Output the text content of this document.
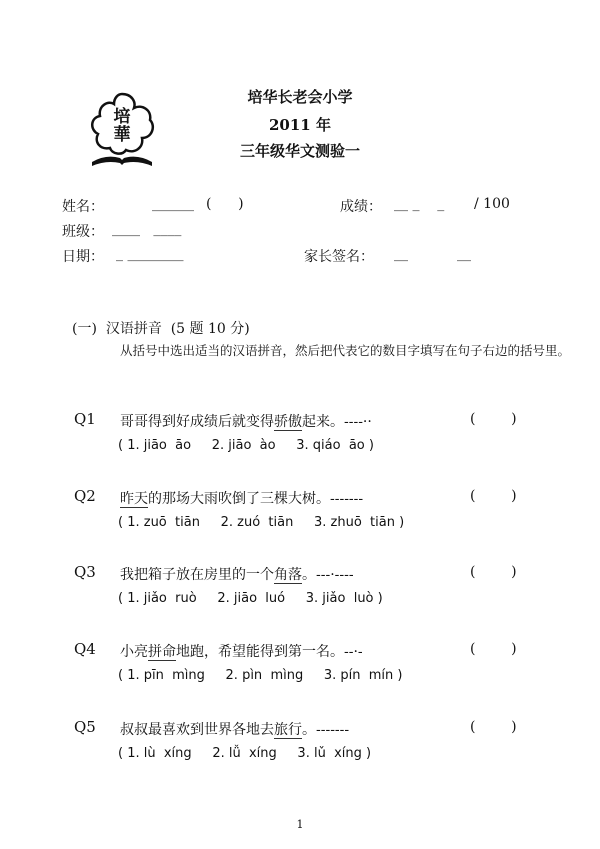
培
華
培华长老会小学
2011 年
三年级华文测验一
姓名：	______ (      )	成绩： __ _    _ / 100
班级： ____   ____
日期： _ ________	家长签名： __           __
(一)  汉语拼音  (5 题 10 分)
从括号中选出适当的汉语拼音，然后把代表它的数目字填写在句子右边的括号里。
Q1 哥哥得到好成绩后就变得骄傲起来。----··	(        )
( 1. jiāo  āo     2. jiāo  ào     3. qiáo  āo )
Q2 昨天的那场大雨吹倒了三棵大树。-------	(        )
( 1. zuō  tiān     2. zuó  tiān     3. zhuō  tiān )
Q3 我把箱子放在房里的一个角落。---·----	(        )
( 1. jiǎo  ruò     2. jiāo  luó     3. jiǎo  luò )
Q4 小亮拼命地跑，希望能得到第一名。--·-	(        )
( 1. pīn  mìng     2. pìn  mìng     3. pín  mín )
Q5 叔叔最喜欢到世界各地去旅行。-------	(        )
( 1. lù  xíng     2. lǚ  xíng     3. lǔ  xíng )
1
